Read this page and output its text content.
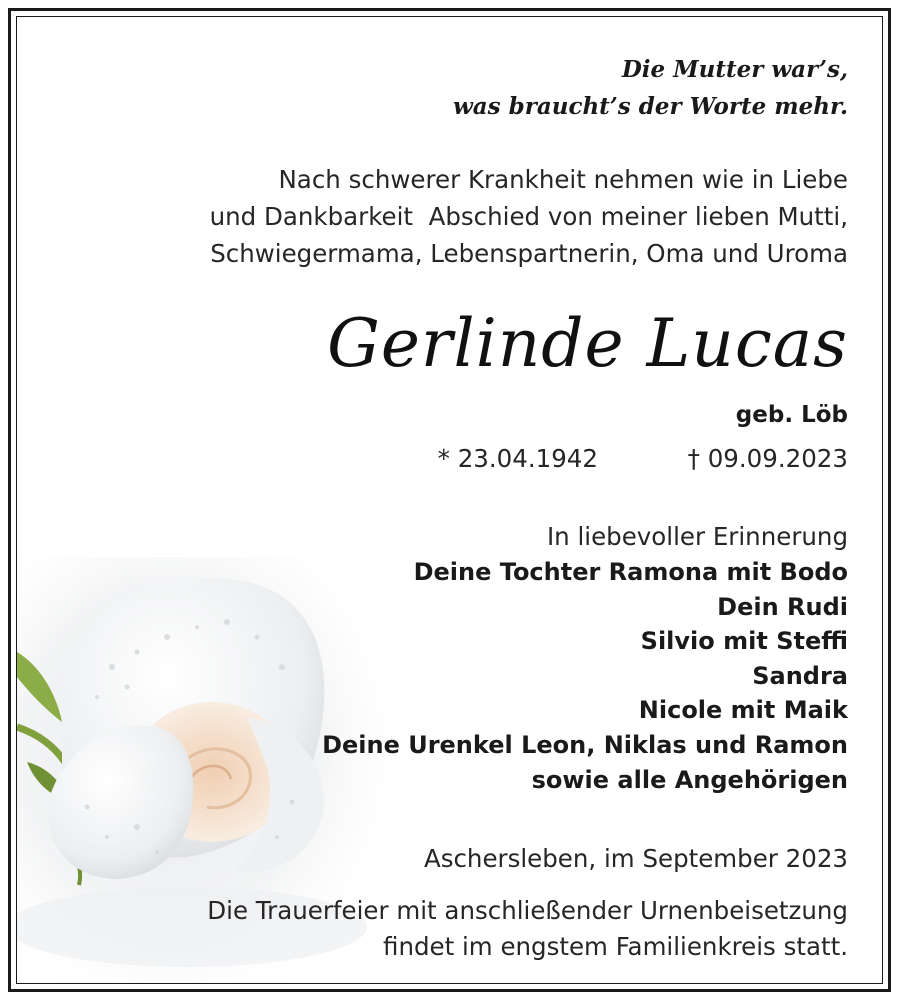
Die Mutter war’s,
was braucht’s der Worte mehr.
Nach schwerer Krankheit nehmen wie in Liebe
und Dankbarkeit  Abschied von meiner lieben Mutti,
Schwiegermama, Lebenspartnerin, Oma und Uroma
Gerlinde Lucas
geb. Löb
* 23.04.1942	† 09.09.2023
In liebevoller Erinnerung
Deine Tochter Ramona mit Bodo
Dein Rudi
Silvio mit Steffi
Sandra
Nicole mit Maik
Deine Urenkel Leon, Niklas und Ramon
sowie alle Angehörigen
Aschersleben, im September 2023
Die Trauerfeier mit anschließender Urnenbeisetzung
findet im engstem Familienkreis statt.
